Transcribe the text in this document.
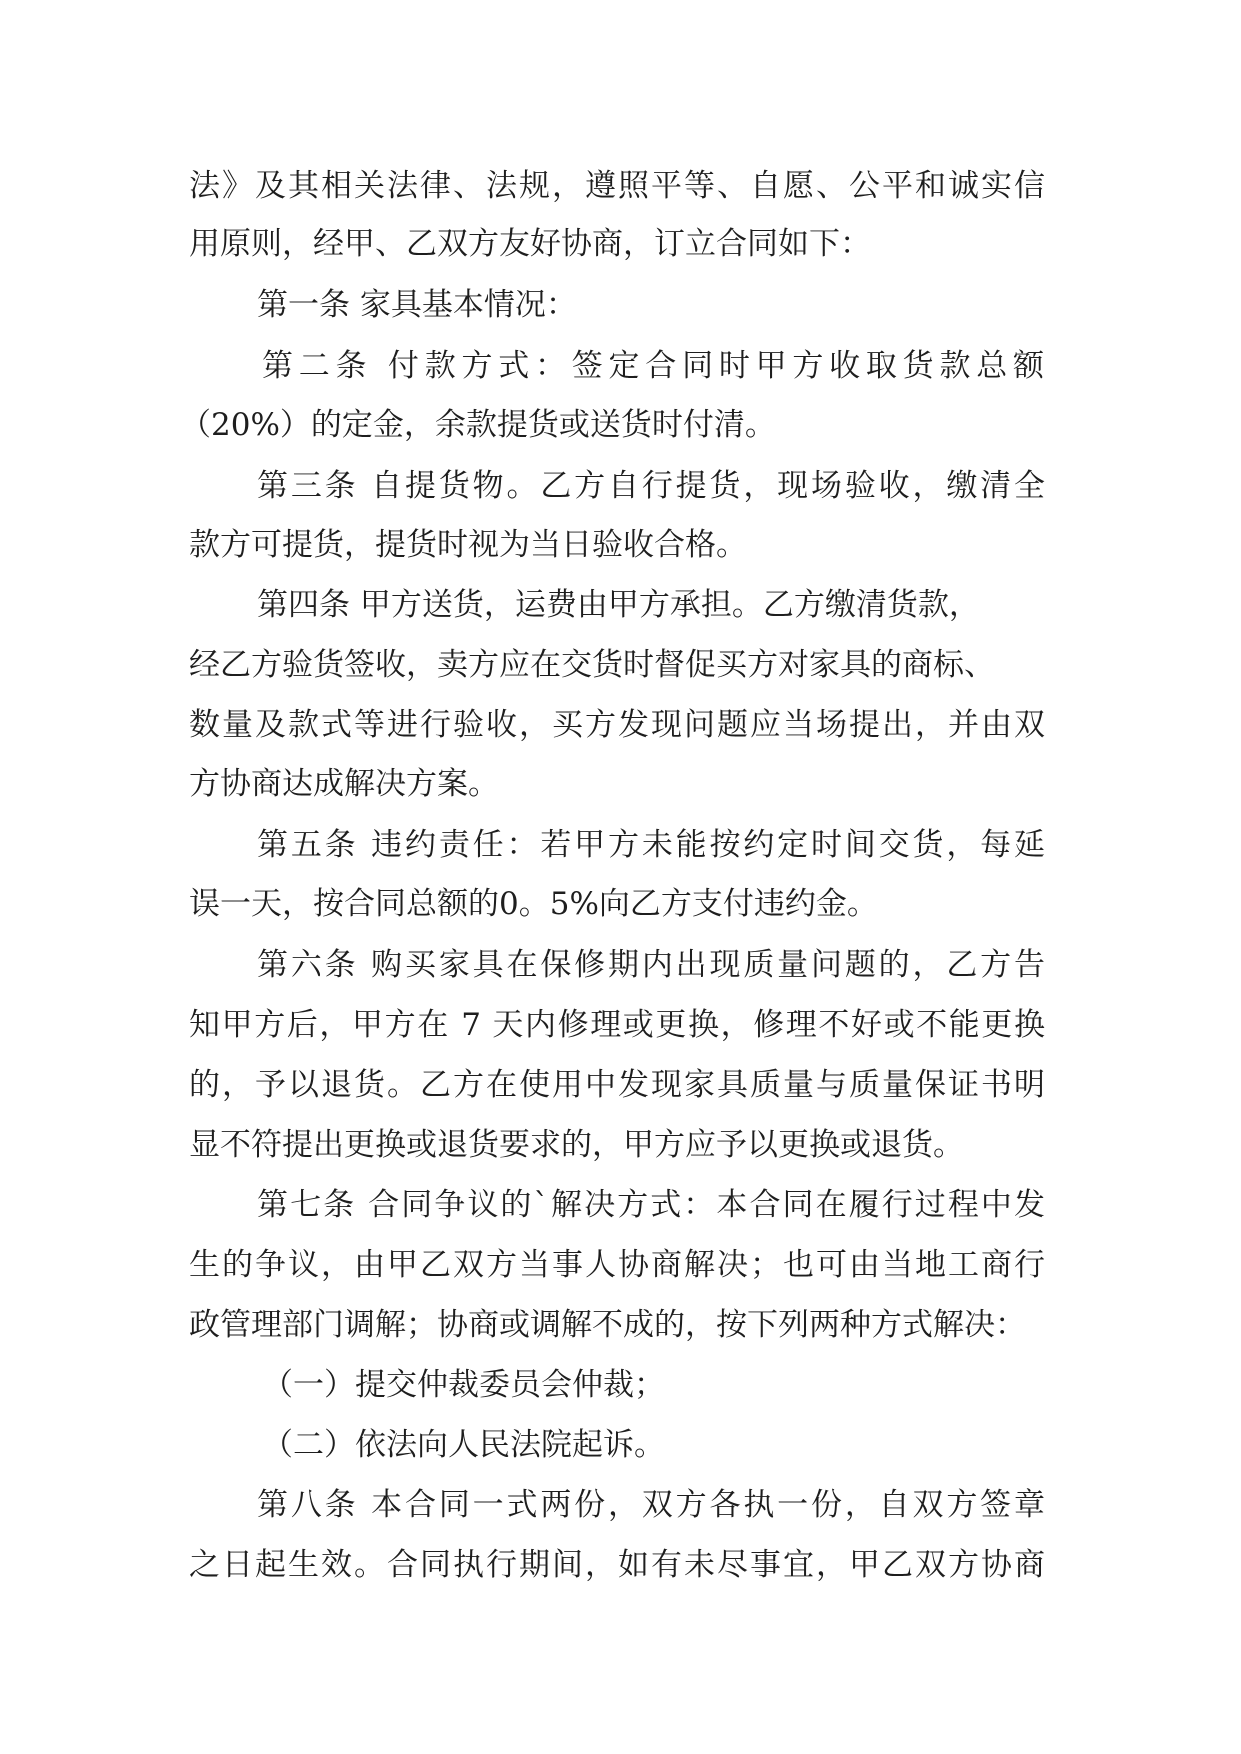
法》及其相关法律、法规，遵照平等、自愿、公平和诚实信

用原则，经甲、乙双方友好协商，订立合同如下：

第一条 家具基本情况：

第二条 付款方式：签定合同时甲方收取货款总额

（20%）的定金，余款提货或送货时付清。

第三条 自提货物。乙方自行提货，现场验收，缴清全

款方可提货，提货时视为当日验收合格。

第四条 甲方送货，运费由甲方承担。乙方缴清货款，

经乙方验货签收，卖方应在交货时督促买方对家具的商标、

数量及款式等进行验收，买方发现问题应当场提出，并由双

方协商达成解决方案。

第五条 违约责任：若甲方未能按约定时间交货，每延

误一天，按合同总额的0。5%向乙方支付违约金。

第六条 购买家具在保修期内出现质量问题的，乙方告

知甲方后，甲方在 7 天内修理或更换，修理不好或不能更换

的，予以退货。乙方在使用中发现家具质量与质量保证书明

显不符提出更换或退货要求的，甲方应予以更换或退货。

第七条 合同争议的`解决方式：本合同在履行过程中发

生的争议，由甲乙双方当事人协商解决；也可由当地工商行

政管理部门调解；协商或调解不成的，按下列两种方式解决：

（一）提交仲裁委员会仲裁；

（二）依法向人民法院起诉。

第八条 本合同一式两份，双方各执一份，自双方签章

之日起生效。合同执行期间，如有未尽事宜，甲乙双方协商
